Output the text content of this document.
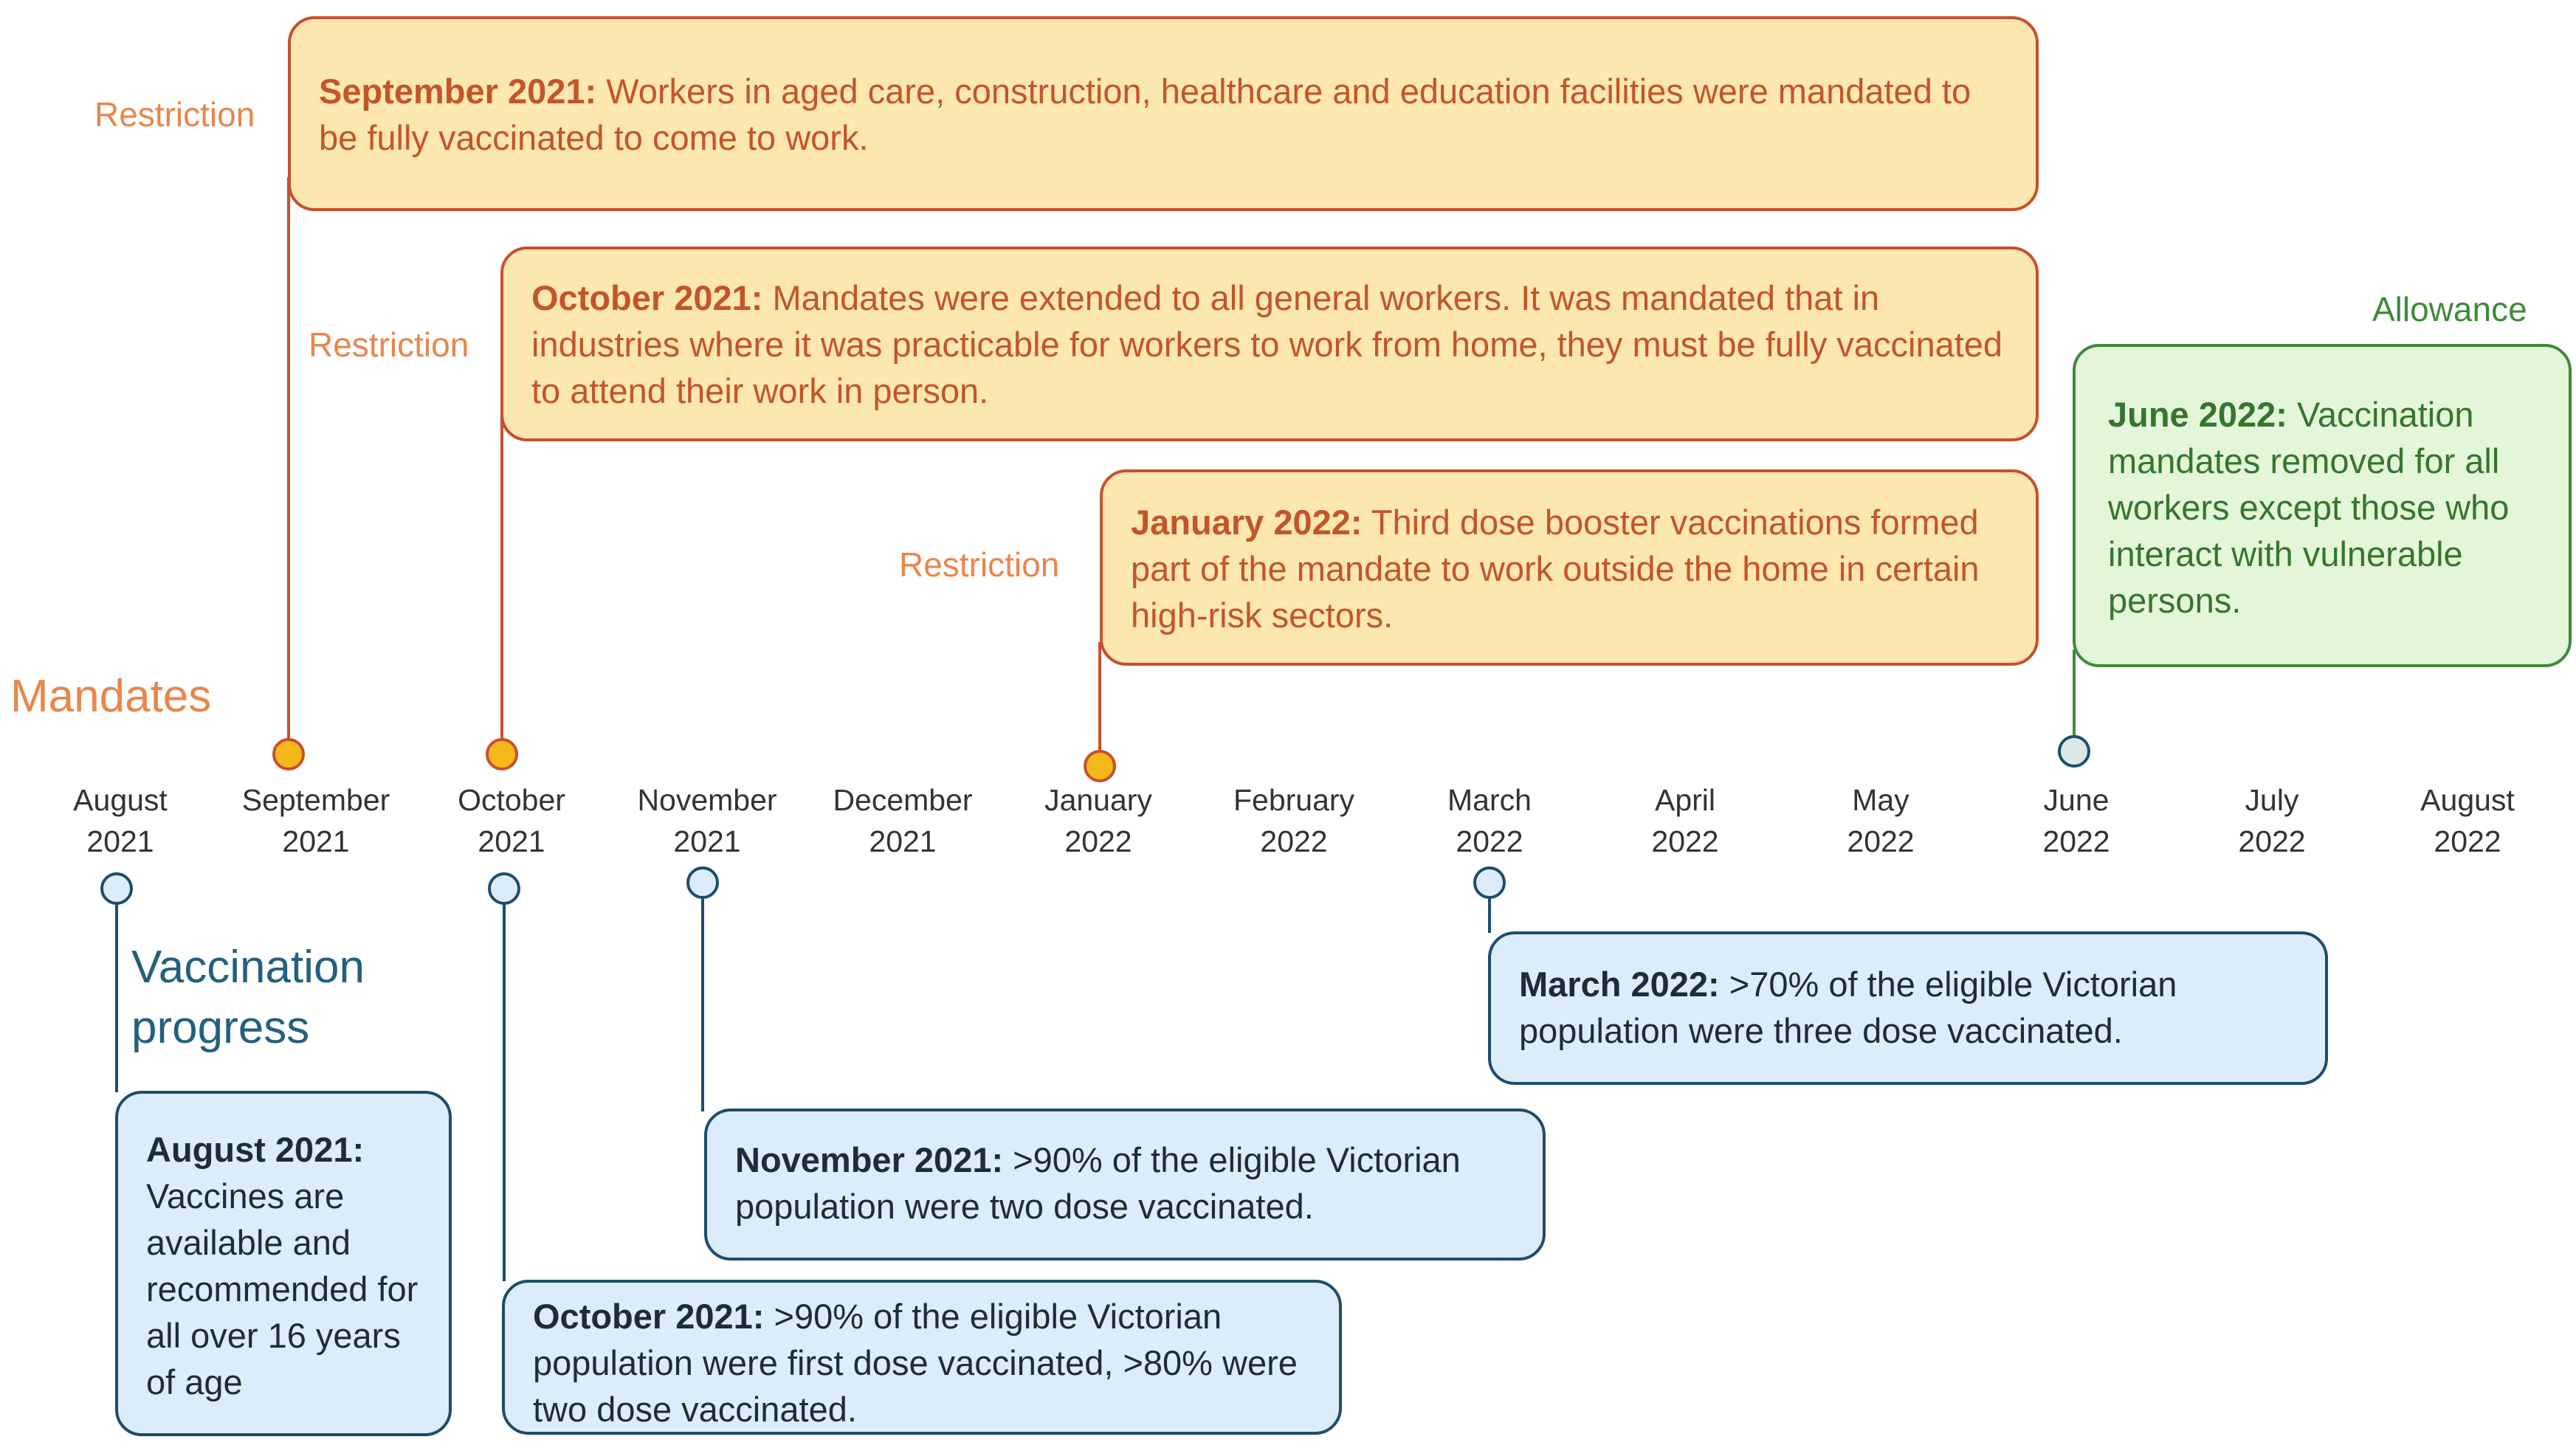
Mandates
Vaccination
progress
August
2021
September
2021
October
2021
November
2021
December
2021
January
2022
February
2022
March
2022
April
2022
May
2022
June
2022
July
2022
August
2022
Restriction
Restriction
Restriction
Allowance
September 2021: Workers in aged care, construction, healthcare and education facilities were mandated to be fully vaccinated to come to work.
October 2021: Mandates were extended to all general workers. It was mandated that in industries where it was practicable for workers to work from home, they must be fully vaccinated to attend their work in person.
January 2022: Third dose booster vaccinations formed part of the mandate to work outside the home in certain high-risk sectors.
June 2022: Vaccination mandates removed for all workers except those who interact with vulnerable persons.
August 2021:
Vaccines are available and recommended for all over 16 years of age
October 2021: >90% of the eligible Victorian population were first dose vaccinated, >80% were two dose vaccinated.
November 2021: >90% of the eligible Victorian population were two dose vaccinated.
March 2022: >70% of the eligible Victorian population were three dose vaccinated.
